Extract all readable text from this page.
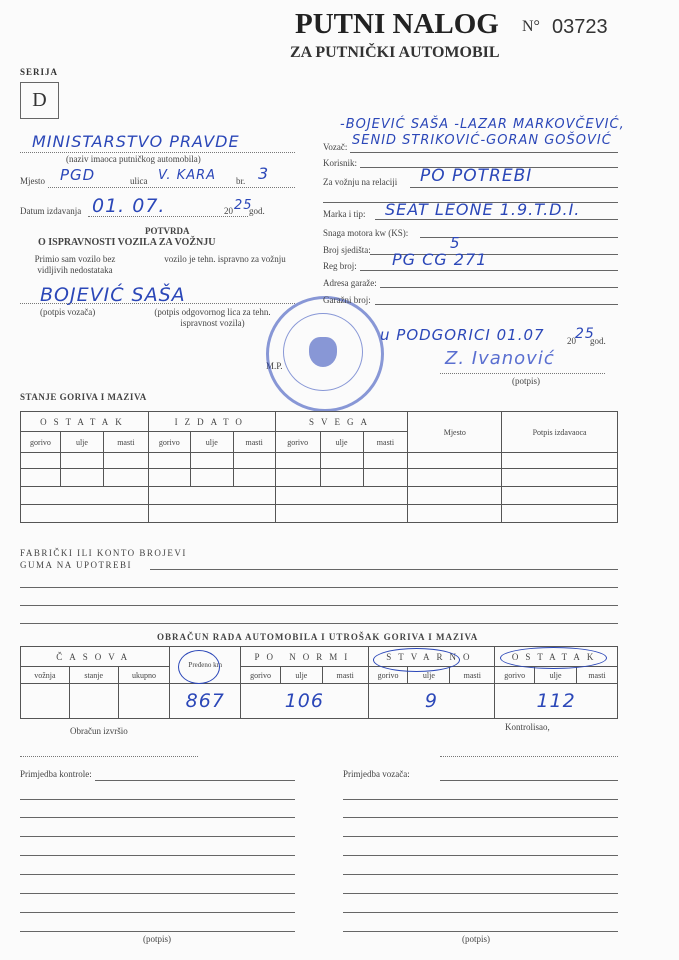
PUTNI NALOG N° 03723
ZA PUTNIČKI AUTOMOBIL
SERIJA
D
MINISTARSTVO PRAVDE
(naziv imaoca putničkog automobila)
Mjesto PGD	ulica V. KARA br. 3
Datum izdavanja 01. 07.	20 25
god.
POTVRDA
O ISPRAVNOSTI VOZILA ZA VOŽNJU
Primio sam vozilo bez vidljivih nedostataka
vozilo je tehn. ispravno za vožnju
BOJEVIĆ SAŠA
(potpis vozača)	(potpis odgovornog lica za tehn. ispravnost vozila)
M.P.
-BOJEVIĆ SAŠA -LAZAR MARKOVČEVIĆ,
Vozač: SENID STRIKOVIĆ-GORAN GOŠOVIĆ
Korisnik:
Za vožnju na relaciji PO POTREBI
Marka i tip: SEAT LEONE 1.9.T.D.I.
Snaga motora kw (KS):
Broj sjedišta:	5
Reg broj: PG CG 271
Adresa garaže:
Garažni broj:
u PODGORICI 01.07 20 25
god.
Z. Ivanović
(potpis)
STANJE GORIVA I MAZIVA
OSTATAK			IZDATO			SVEGA			Mjesto	Potpis izdavaoca
gorivo	ulje	masti	gorivo	ulje	masti	gorivo	ulje	masti		

FABRIČKI ILI KONTO BROJEVI
GUMA NA UPOTREBI
OBRAČUN RADA AUTOMOBILA I UTROŠAK GORIVA I MAZIVA
ČASOVA			Pređeno km	PO NORMI			STVARNO			OSTATAK		
vožnja	stanje	ukupno		gorivo	ulje	masti	gorivo	ulje	masti	gorivo	ulje	masti
			867	106			9			112		
Obračun izvršio	Kontrolisao,
Primjedba kontrole:	Primjedba vozača:
(potpis)	(potpis)
